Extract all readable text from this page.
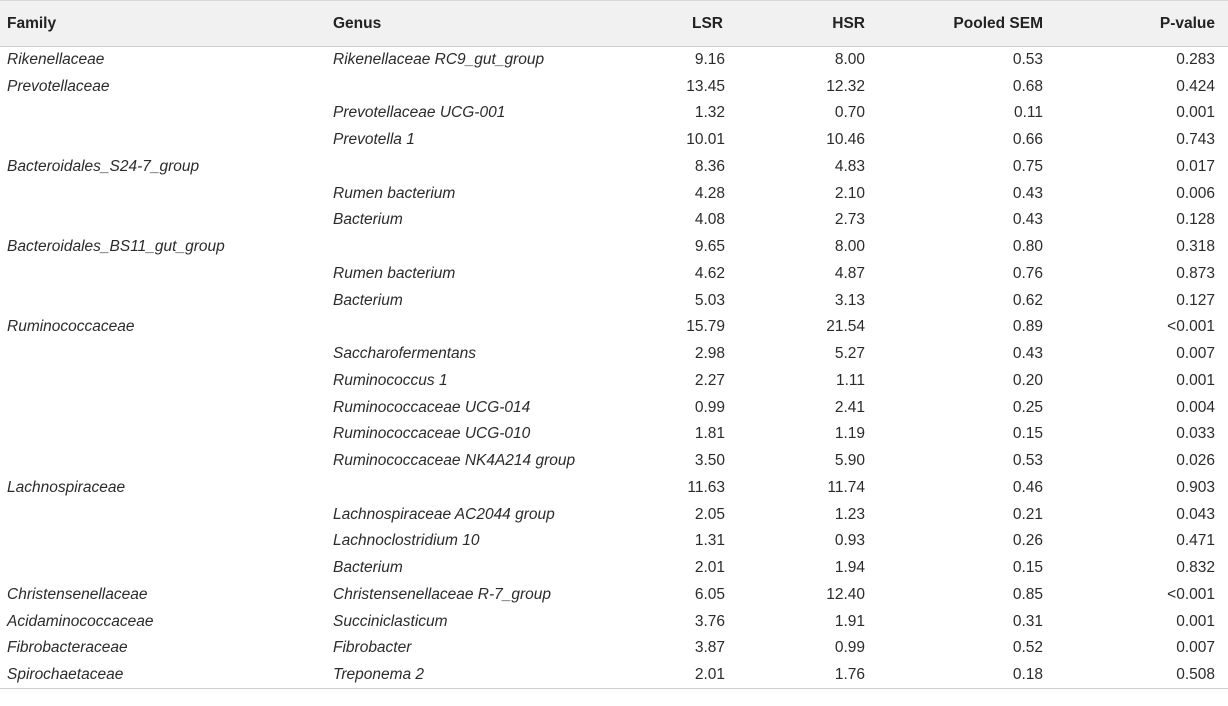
Family	Genus	LSR	HSR	Pooled SEM	P-value
Rikenellaceae	Rikenellaceae RC9_gut_group	9.16	8.00	0.53	0.283
Prevotellaceae		13.45	12.32	0.68	0.424
	Prevotellaceae UCG-001	1.32	0.70	0.11	0.001
	Prevotella 1	10.01	10.46	0.66	0.743
Bacteroidales_S24-7_group		8.36	4.83	0.75	0.017
	Rumen bacterium	4.28	2.10	0.43	0.006
	Bacterium	4.08	2.73	0.43	0.128
Bacteroidales_BS11_gut_group		9.65	8.00	0.80	0.318
	Rumen bacterium	4.62	4.87	0.76	0.873
	Bacterium	5.03	3.13	0.62	0.127
Ruminococcaceae		15.79	21.54	0.89	<0.001
	Saccharofermentans	2.98	5.27	0.43	0.007
	Ruminococcus 1	2.27	1.11	0.20	0.001
	Ruminococcaceae UCG-014	0.99	2.41	0.25	0.004
	Ruminococcaceae UCG-010	1.81	1.19	0.15	0.033
	Ruminococcaceae NK4A214 group	3.50	5.90	0.53	0.026
Lachnospiraceae		11.63	11.74	0.46	0.903
	Lachnospiraceae AC2044 group	2.05	1.23	0.21	0.043
	Lachnoclostridium 10	1.31	0.93	0.26	0.471
	Bacterium	2.01	1.94	0.15	0.832
Christensenellaceae	Christensenellaceae R-7_group	6.05	12.40	0.85	<0.001
Acidaminococcaceae	Succiniclasticum	3.76	1.91	0.31	0.001
Fibrobacteraceae	Fibrobacter	3.87	0.99	0.52	0.007
Spirochaetaceae	Treponema 2	2.01	1.76	0.18	0.508
